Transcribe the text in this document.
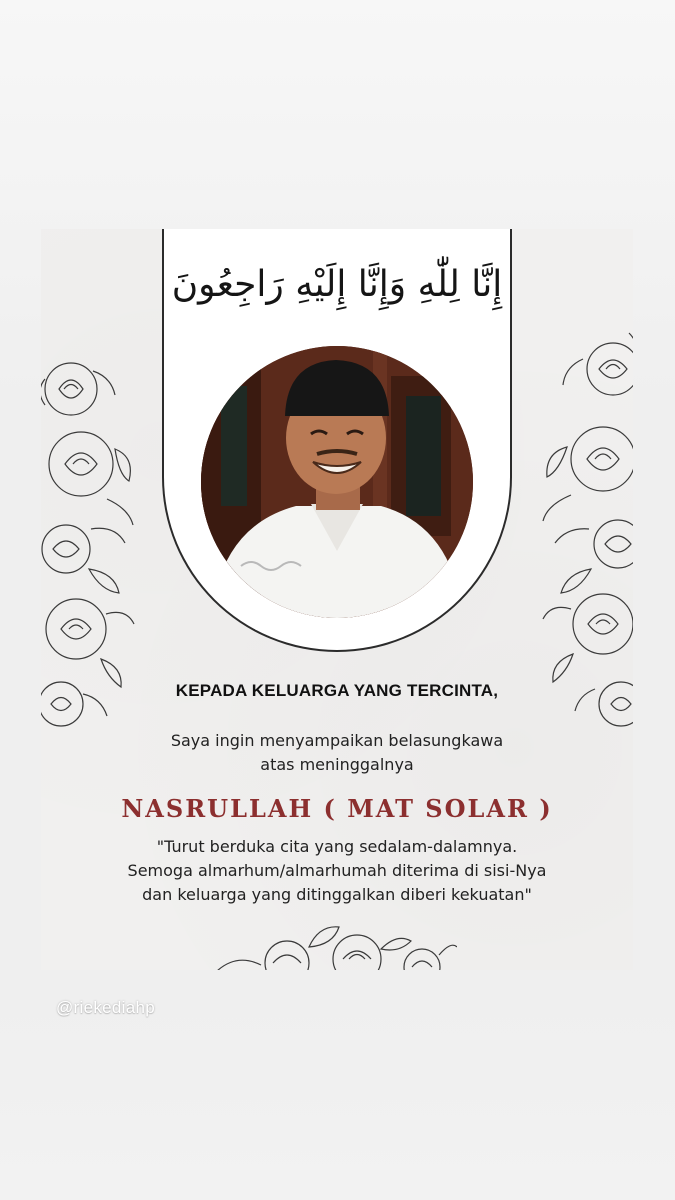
إِنَّا لِلّٰهِ وَإِنَّا إِلَيْهِ رَاجِعُونَ
KEPADA KELUARGA YANG TERCINTA,
Saya ingin menyampaikan belasungkawa
atas meninggalnya
NASRULLAH ( MAT SOLAR )
"Turut berduka cita yang sedalam-dalamnya.
Semoga almarhum/almarhumah diterima di sisi-Nya
dan keluarga yang ditinggalkan diberi kekuatan"
@riekediahp
